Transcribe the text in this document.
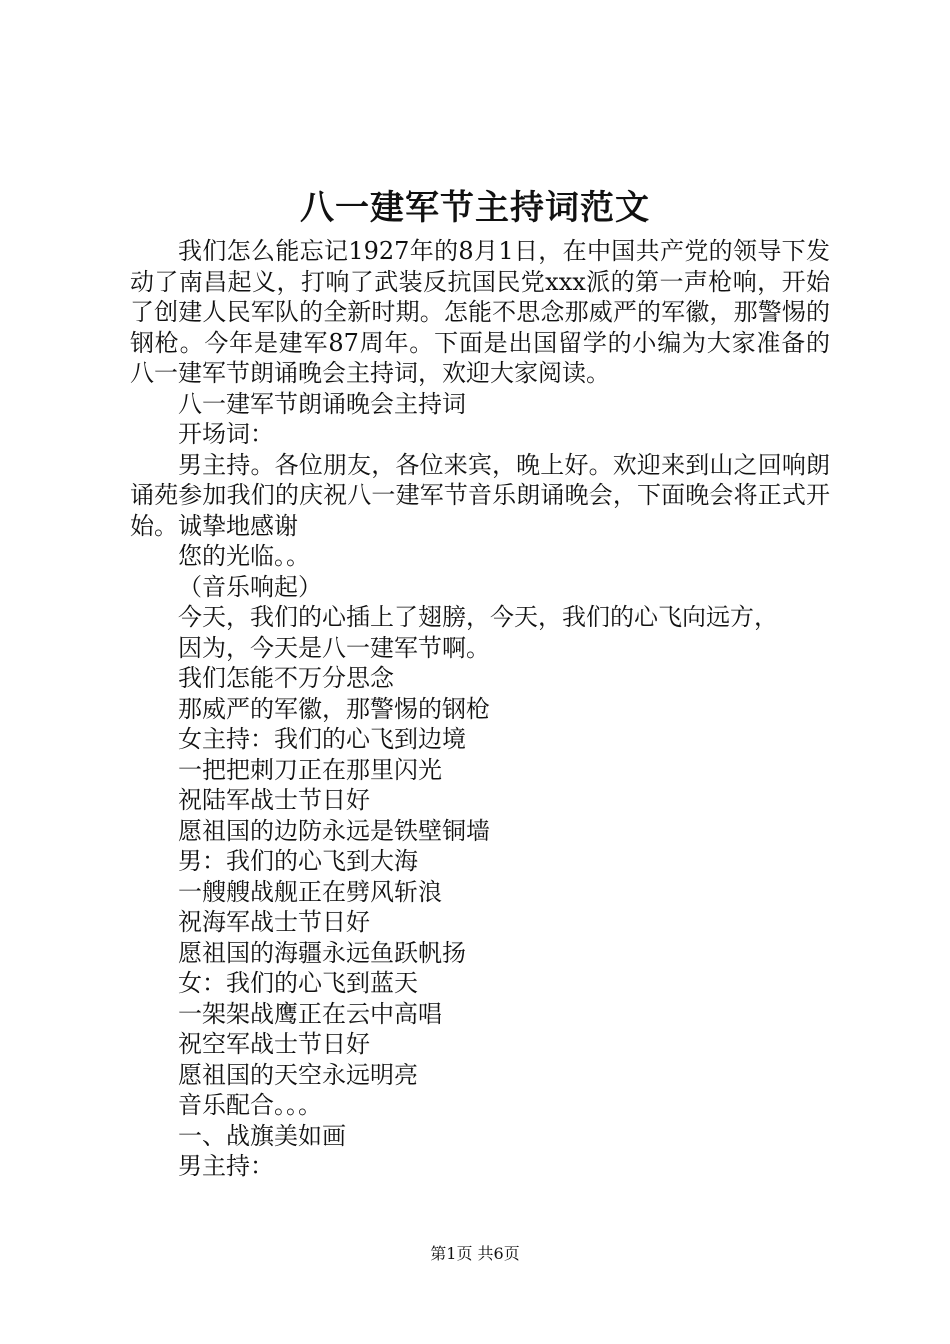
八一建军节主持词范文

我们怎么能忘记1927年的8月1日，在中国共产党的领导下发动了南昌起义，打响了武装反抗国民党xxx派的第一声枪响，开始了创建人民军队的全新时期。怎能不思念那威严的军徽，那警惕的钢枪。今年是建军87周年。下面是出国留学的小编为大家准备的八一建军节朗诵晚会主持词，欢迎大家阅读。

八一建军节朗诵晚会主持词

开场词：

男主持。各位朋友，各位来宾，晚上好。欢迎来到山之回响朗诵苑参加我们的庆祝八一建军节音乐朗诵晚会，下面晚会将正式开始。诚挚地感谢

您的光临。。

（音乐响起）

今天，我们的心插上了翅膀，今天，我们的心飞向远方，

因为，今天是八一建军节啊。

我们怎能不万分思念

那威严的军徽，那警惕的钢枪

女主持：我们的心飞到边境

一把把刺刀正在那里闪光

祝陆军战士节日好

愿祖国的边防永远是铁壁铜墙

男：我们的心飞到大海

一艘艘战舰正在劈风斩浪

祝海军战士节日好

愿祖国的海疆永远鱼跃帆扬

女：我们的心飞到蓝天

一架架战鹰正在云中高唱

祝空军战士节日好

愿祖国的天空永远明亮

音乐配合。。。

一、战旗美如画

男主持：

第1页 共6页
